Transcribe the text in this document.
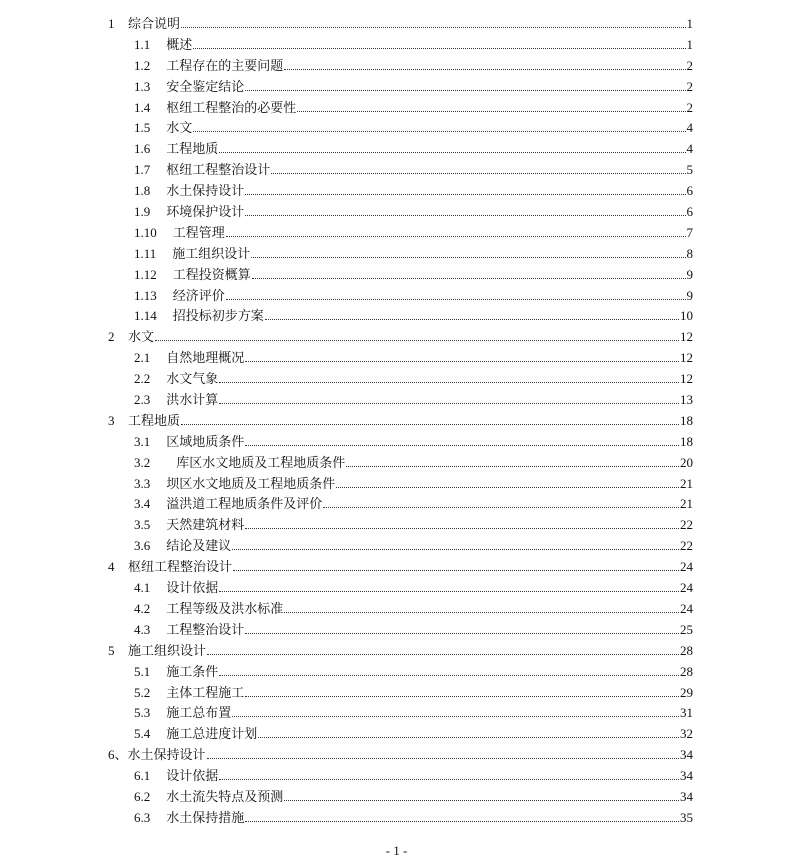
1	综合说明	1
1.1 概述	1
1.2 工程存在的主要问题	2
1.3 安全鉴定结论	2
1.4 枢纽工程整治的必要性	2
1.5 水文	4
1.6 工程地质	4
1.7 枢纽工程整治设计	5
1.8 水土保持设计	6
1.9 环境保护设计	6
1.10 工程管理	7
1.11 施工组织设计	8
1.12 工程投资概算	9
1.13 经济评价	9
1.14 招投标初步方案	10
2	水文	12
2.1 自然地理概况	12
2.2 水文气象	12
2.3 洪水计算	13
3	工程地质	18
3.1 区域地质条件	18
3.2 库区水文地质及工程地质条件	20
3.3 坝区水文地质及工程地质条件	21
3.4 溢洪道工程地质条件及评价	21
3.5 天然建筑材料	22
3.6 结论及建议	22
4	枢纽工程整治设计	24
4.1 设计依据	24
4.2 工程等级及洪水标准	24
4.3 工程整治设计	25
5	施工组织设计	28
5.1 施工条件	28
5.2 主体工程施工	29
5.3 施工总布置	31
5.4 施工总进度计划	32
6、 水土保持设计	34
6.1 设计依据	34
6.2 水土流失特点及预测	34
6.3 水土保持措施	35
- 1 -
